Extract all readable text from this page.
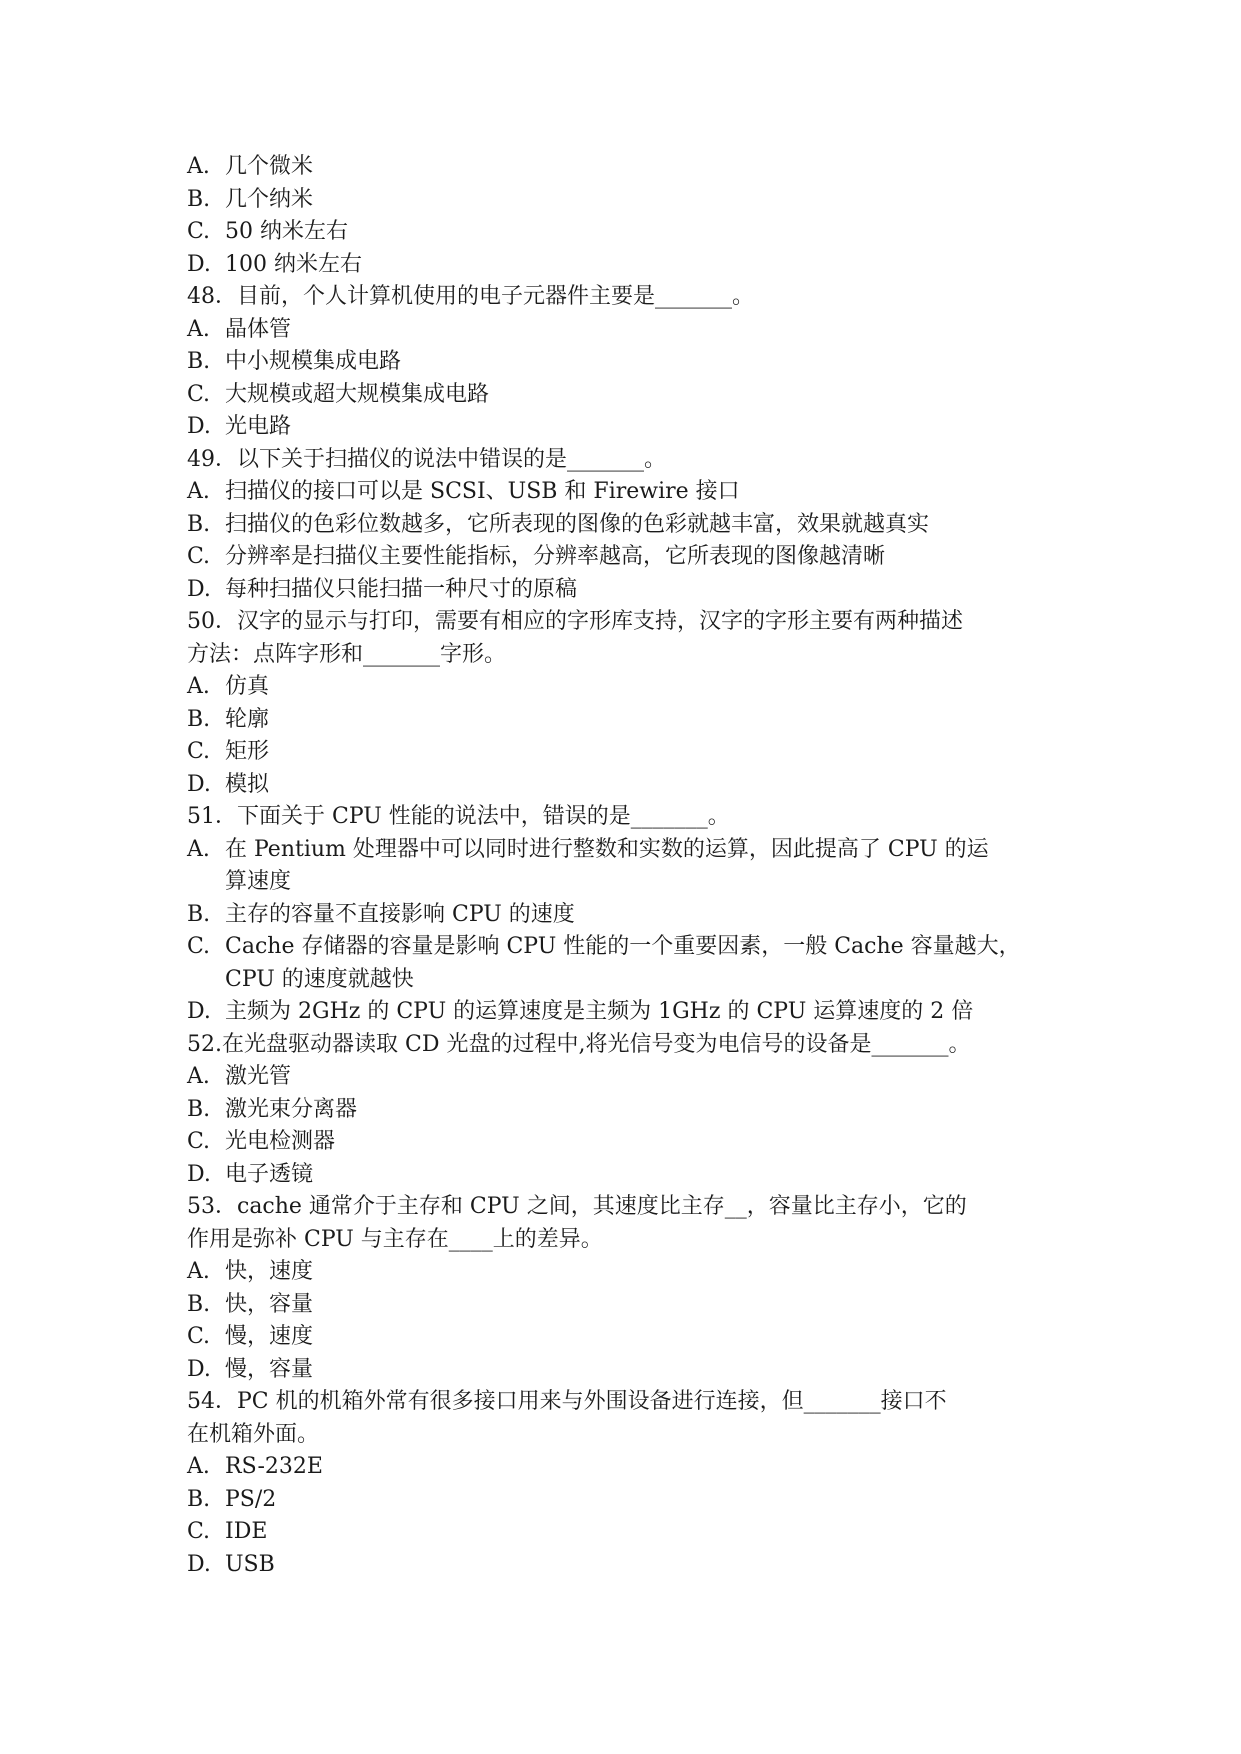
A. 几个微米
B. 几个纳米
C. 50 纳米左右
D. 100 纳米左右
48．目前，个人计算机使用的电子元器件主要是_______。
A. 晶体管
B. 中小规模集成电路
C. 大规模或超大规模集成电路
D. 光电路
49．以下关于扫描仪的说法中错误的是_______。
A. 扫描仪的接口可以是 SCSI、USB 和 Firewire 接口
B. 扫描仪的色彩位数越多，它所表现的图像的色彩就越丰富，效果就越真实
C. 分辨率是扫描仪主要性能指标，分辨率越高，它所表现的图像越清晰
D. 每种扫描仪只能扫描一种尺寸的原稿
50．汉字的显示与打印，需要有相应的字形库支持，汉字的字形主要有两种描述
方法：点阵字形和_______字形。
A. 仿真
B. 轮廓
C. 矩形
D. 模拟
51．下面关于 CPU 性能的说法中，错误的是_______。
A. 在 Pentium 处理器中可以同时进行整数和实数的运算，因此提高了 CPU 的运
算速度
B. 主存的容量不直接影响 CPU 的速度
C. Cache 存储器的容量是影响 CPU 性能的一个重要因素，一般 Cache 容量越大，
CPU 的速度就越快
D. 主频为 2GHz 的 CPU 的运算速度是主频为 1GHz 的 CPU 运算速度的 2 倍
52.在光盘驱动器读取 CD 光盘的过程中,将光信号变为电信号的设备是_______。
A. 激光管
B. 激光束分离器
C. 光电检测器
D. 电子透镜
53．cache 通常介于主存和 CPU 之间，其速度比主存__，容量比主存小，它的
作用是弥补 CPU 与主存在____上的差异。
A. 快，速度
B. 快，容量
C. 慢，速度
D. 慢，容量
54．PC 机的机箱外常有很多接口用来与外围设备进行连接，但_______接口不
在机箱外面。
A. RS-232E
B. PS/2
C. IDE
D. USB
